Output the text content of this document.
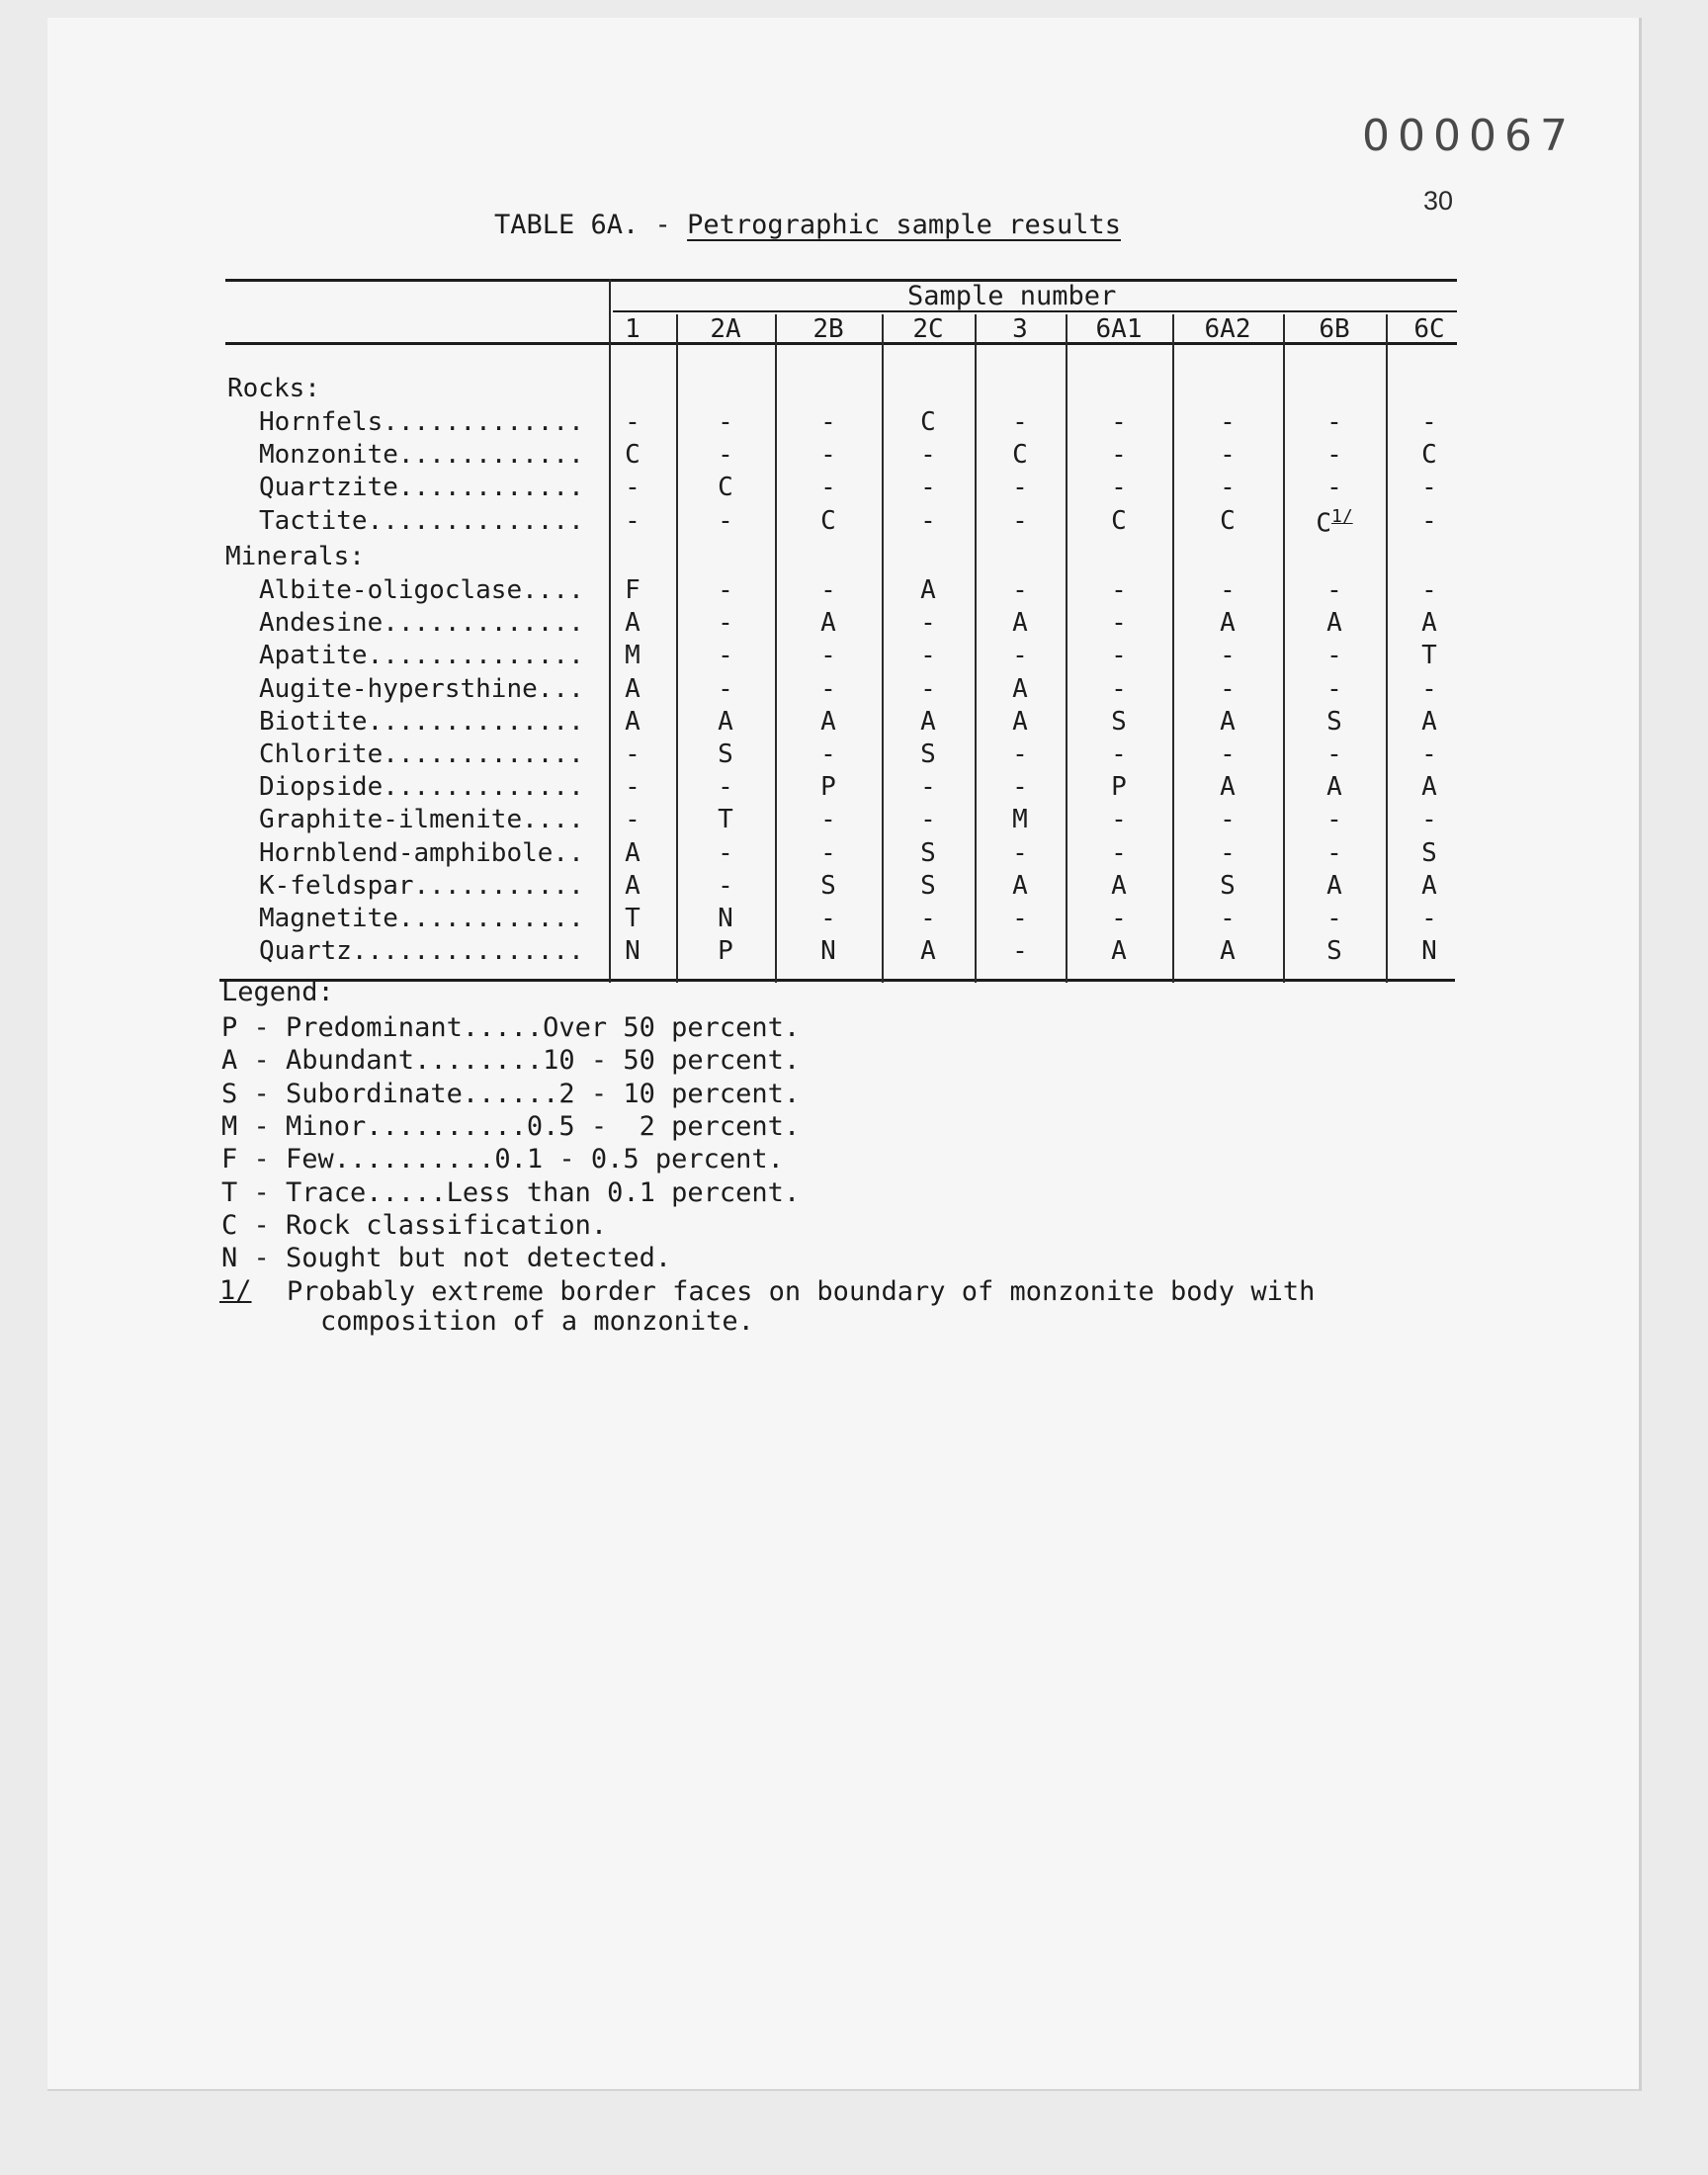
000067
30
TABLE 6A. - Petrographic sample results
Sample number
1	2A	2B	2C	3	6A1	6A2	6B	6C
Rocks:
Hornfels.............	-	-	-	C	-	-	-	-	-
Monzonite............	C	-	-	-	C	-	-	-	C
Quartzite............	-	C	-	-	-	-	-	-	-
Tactite..............	-	-	C	-	-	C	C	$C^{1/}$	-
Minerals:
Albite-oligoclase....	F	-	-	A	-	-	-	-	-
Andesine.............	A	-	A	-	A	-	A	A	A
Apatite..............	M	-	-	-	-	-	-	-	T
Augite-hypersthine...	A	-	-	-	A	-	-	-	-
Biotite..............	A	A	A	A	A	S	A	S	A
Chlorite.............	-	S	-	S	-	-	-	-	-
Diopside.............	-	-	P	-	-	P	A	A	A
Graphite-ilmenite....	-	T	-	-	M	-	-	-	-
Hornblend-amphibole..	A	-	-	S	-	-	-	-	S
K-feldspar...........	A	-	S	S	A	A	S	A	A
Magnetite............	T	N	-	-	-	-	-	-	-
Quartz...............	N	P	N	A	-	A	A	S	N
Legend:
P - Predominant.....Over 50 percent.
A - Abundant........10 - 50 percent.
S - Subordinate......2 - 10 percent.
M - Minor..........0.5 -  2 percent.
F - Few..........0.1 - 0.5 percent.
T - Trace.....Less than 0.1 percent.
C - Rock classification.
N - Sought but not detected.
1/ Probably extreme border faces on boundary of monzonite body with
composition of a monzonite.
